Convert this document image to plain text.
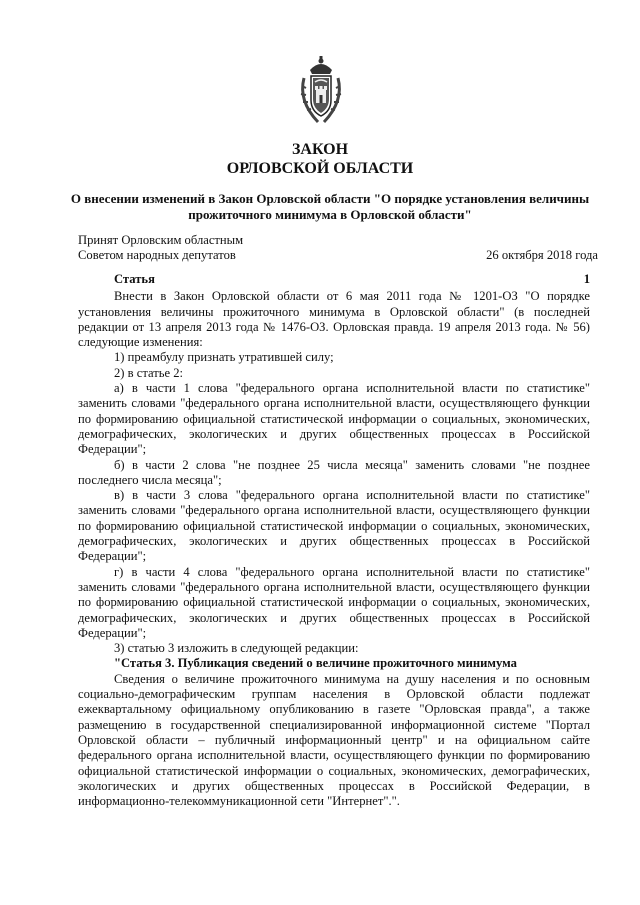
ЗАКОН
ОРЛОВСКОЙ ОБЛАСТИ
О внесении изменений в Закон Орловской области "О порядке установления величины
прожиточного минимума в Орловской области"
Принят Орловским областным
Советом народных депутатов	26 октября 2018 года

Статья 1

Внести в Закон Орловской области от 6 мая 2011 года № 1201-ОЗ "О порядке

установления величины прожиточного минимума в Орловской области" (в последней

редакции от 13 апреля 2013 года № 1476-ОЗ. Орловская правда. 19 апреля 2013 года. № 56)

следующие изменения:

1) преамбулу признать утратившей силу;

2) в статье 2:

а) в части 1 слова "федерального органа исполнительной власти по статистике"

заменить словами "федерального органа исполнительной власти, осуществляющего функции

по формированию официальной статистической информации о социальных, экономических,

демографических, экологических и других общественных процессах в Российской

Федерации";

б) в части 2 слова "не позднее 25 числа месяца" заменить словами "не позднее

последнего числа месяца";

в) в части 3 слова "федерального органа исполнительной власти по статистике"

заменить словами "федерального органа исполнительной власти, осуществляющего функции

по формированию официальной статистической информации о социальных, экономических,

демографических, экологических и других общественных процессах в Российской

Федерации";

г) в части 4 слова "федерального органа исполнительной власти по статистике"

заменить словами "федерального органа исполнительной власти, осуществляющего функции

по формированию официальной статистической информации о социальных, экономических,

демографических, экологических и других общественных процессах в Российской

Федерации";

3) статью 3 изложить в следующей редакции:

"Статья 3. Публикация сведений о величине прожиточного минимума

Сведения о величине прожиточного минимума на душу населения и по основным

социально-демографическим группам населения в Орловской области подлежат

ежеквартальному официальному опубликованию в газете "Орловская правда", а также

размещению в государственной специализированной информационной системе "Портал

Орловской области – публичный информационный центр" и на официальном сайте

федерального органа исполнительной власти, осуществляющего функции по формированию

официальной статистической информации о социальных, экономических, демографических,

экологических и других общественных процессах в Российской Федерации, в

информационно-телекоммуникационной сети "Интернет".".
